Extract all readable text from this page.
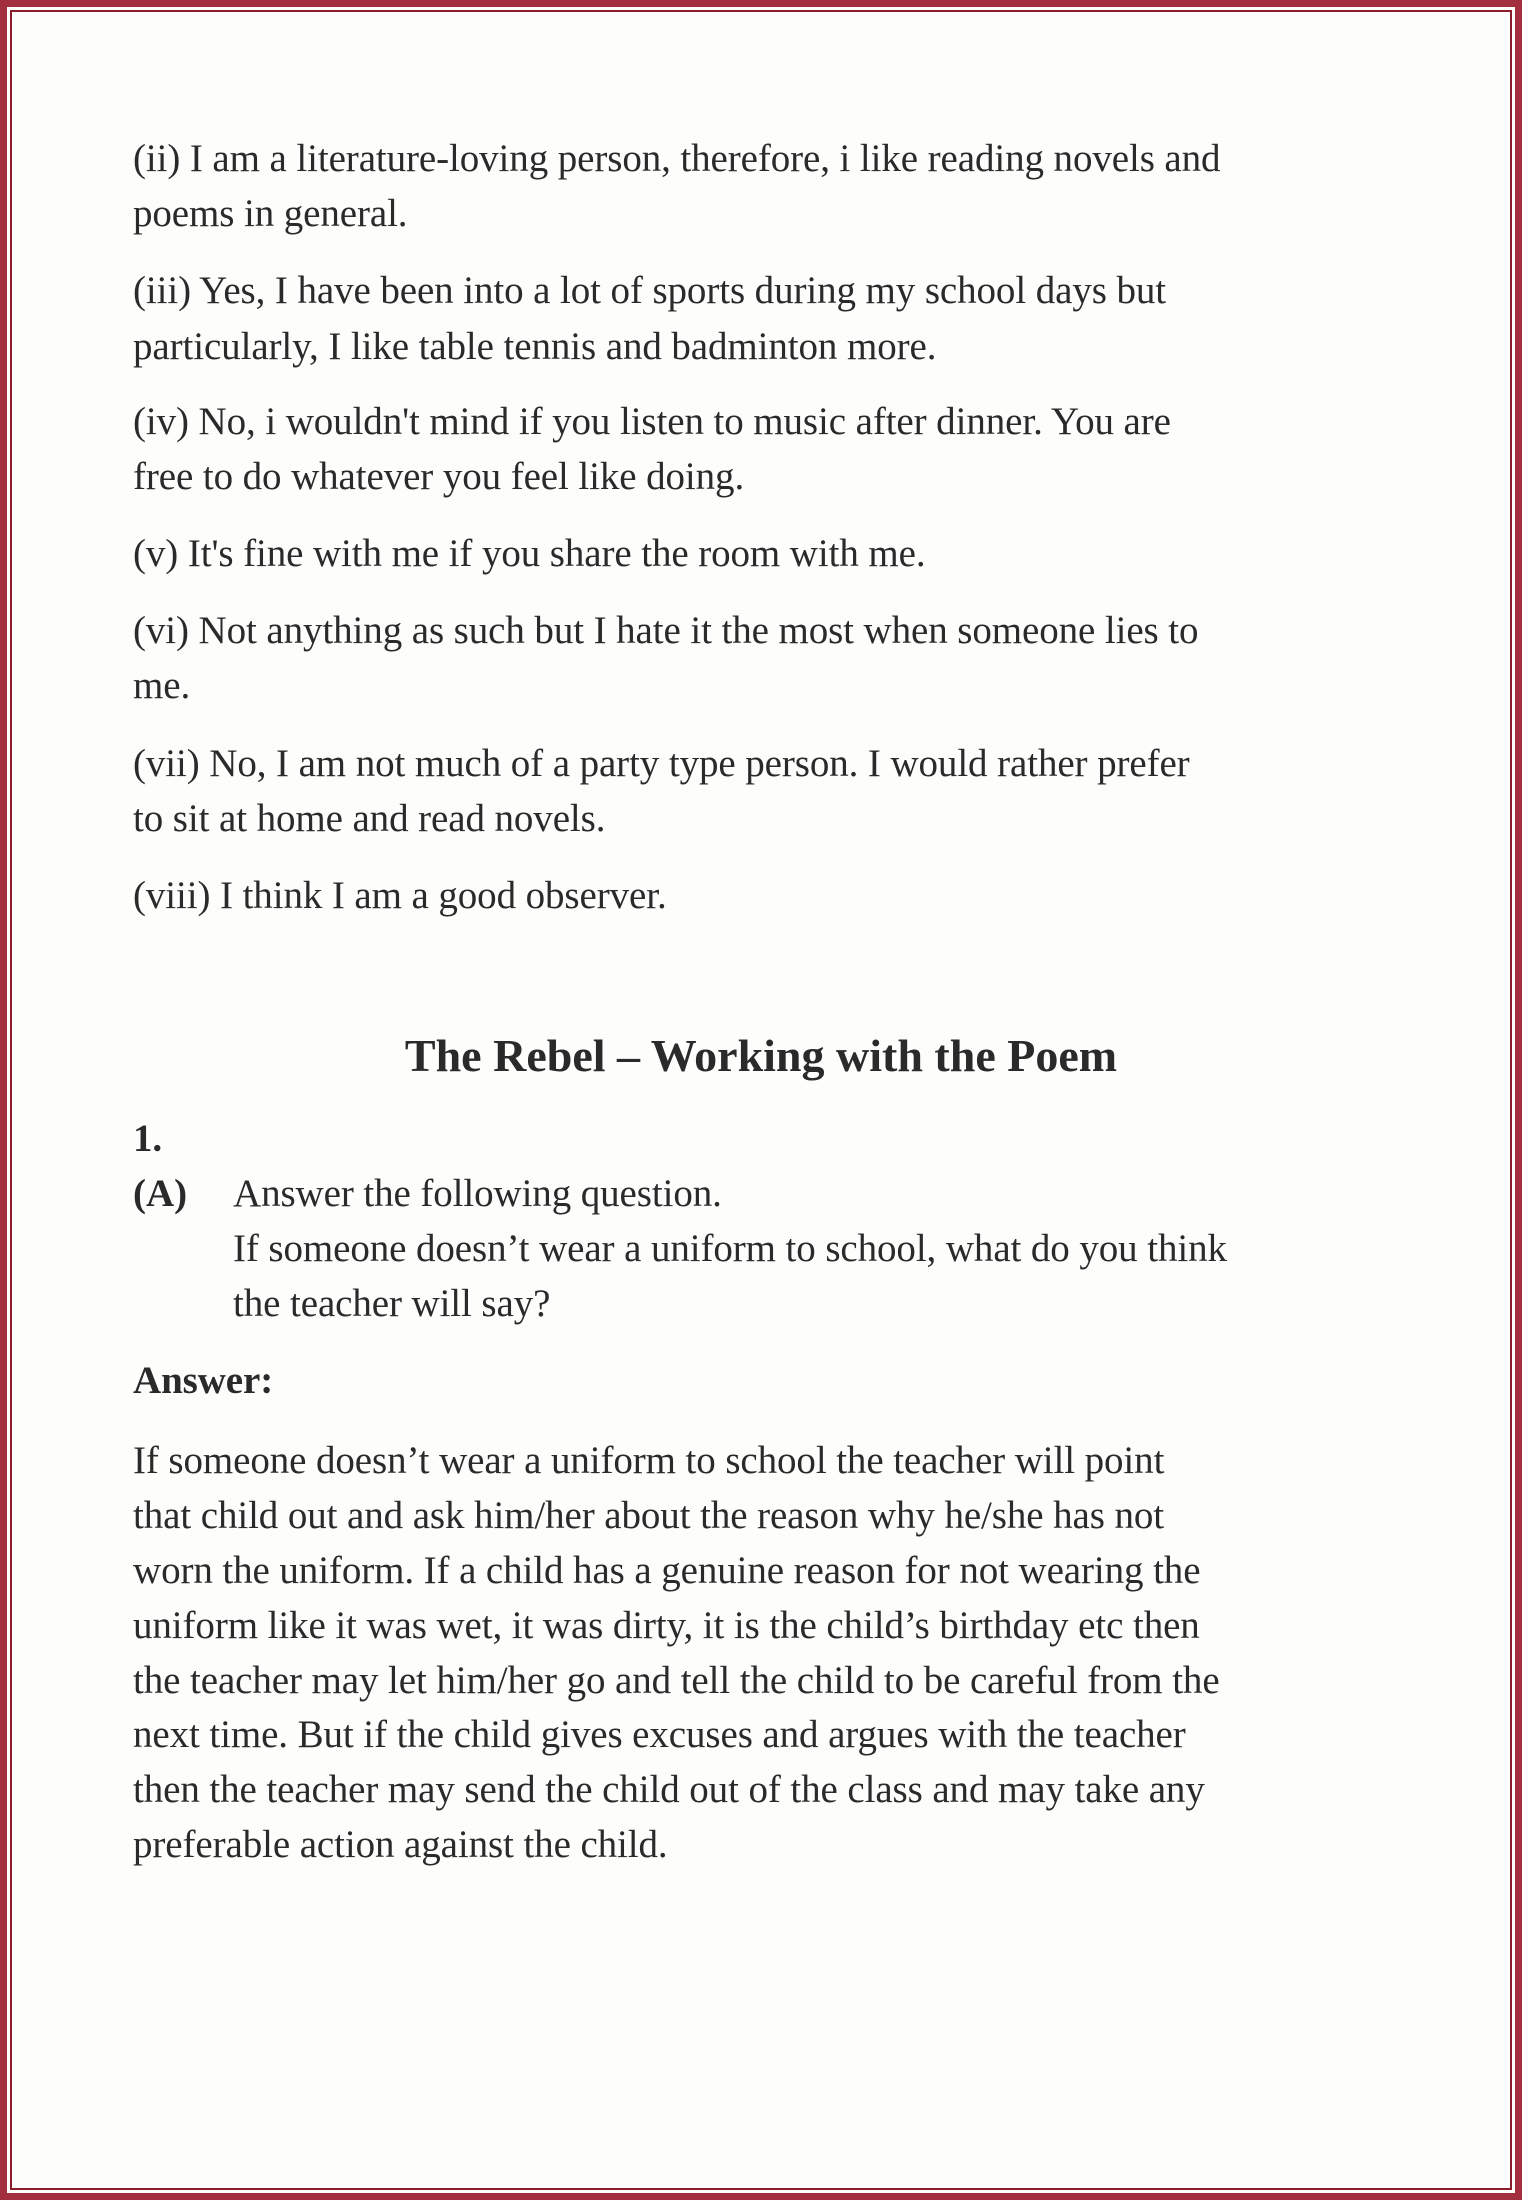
(ii) I am a literature-loving person, therefore, i like reading novels and
poems in general.
(iii) Yes, I have been into a lot of sports during my school days but
particularly, I like table tennis and badminton more.
(iv) No, i wouldn't mind if you listen to music after dinner. You are
free to do whatever you feel like doing.
(v) It's fine with me if you share the room with me.
(vi) Not anything as such but I hate it the most when someone lies to
me.
(vii) No, I am not much of a party type person. I would rather prefer
to sit at home and read novels.
(viii) I think I am a good observer.
The Rebel – Working with the Poem
1.
(A) Answer the following question.
If someone doesn’t wear a uniform to school, what do you think
the teacher will say?
Answer:
If someone doesn’t wear a uniform to school the teacher will point
that child out and ask him/her about the reason why he/she has not
worn the uniform. If a child has a genuine reason for not wearing the
uniform like it was wet, it was dirty, it is the child’s birthday etc then
the teacher may let him/her go and tell the child to be careful from the
next time. But if the child gives excuses and argues with the teacher
then the teacher may send the child out of the class and may take any
preferable action against the child.
